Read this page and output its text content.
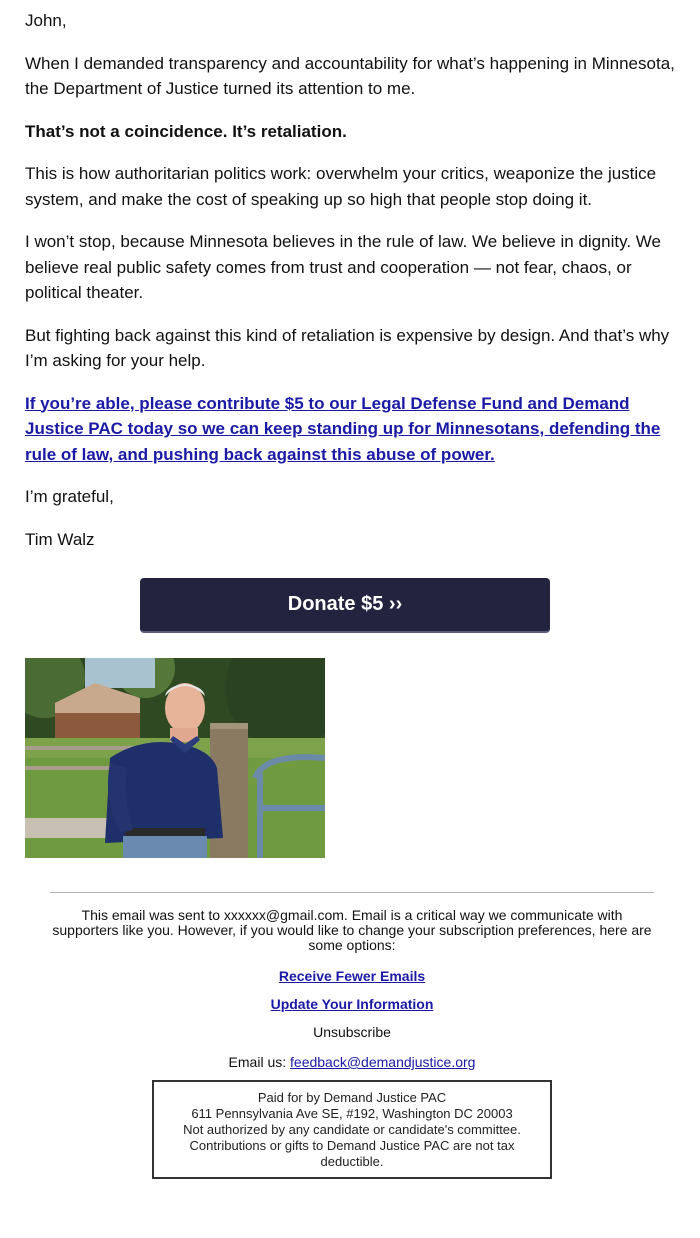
John,

When I demanded transparency and accountability for what’s happening in Minnesota, the Department of Justice turned its attention to me.

That’s not a coincidence. It’s retaliation.

This is how authoritarian politics work: overwhelm your critics, weaponize the justice system, and make the cost of speaking up so high that people stop doing it.

I won’t stop, because Minnesota believes in the rule of law. We believe in dignity. We believe real public safety comes from trust and cooperation — not fear, chaos, or political theater.

But fighting back against this kind of retaliation is expensive by design. And that’s why I’m asking for your help.

If you’re able, please contribute $5 to our Legal Defense Fund and Demand Justice PAC today so we can keep standing up for Minnesotans, defending the rule of law, and pushing back against this abuse of power.

I’m grateful,

Tim Walz

Donate $5 ››

This email was sent to xxxxxx@gmail.com. Email is a critical way we communicate with supporters like you. However, if you would like to change your subscription preferences, here are some options:

Receive Fewer Emails
Update Your Information
Unsubscribe
Email us: feedback@demandjustice.org
Paid for by Demand Justice PAC
611 Pennsylvania Ave SE, #192, Washington DC 20003
Not authorized by any candidate or candidate's committee.
Contributions or gifts to Demand Justice PAC are not tax deductible.
